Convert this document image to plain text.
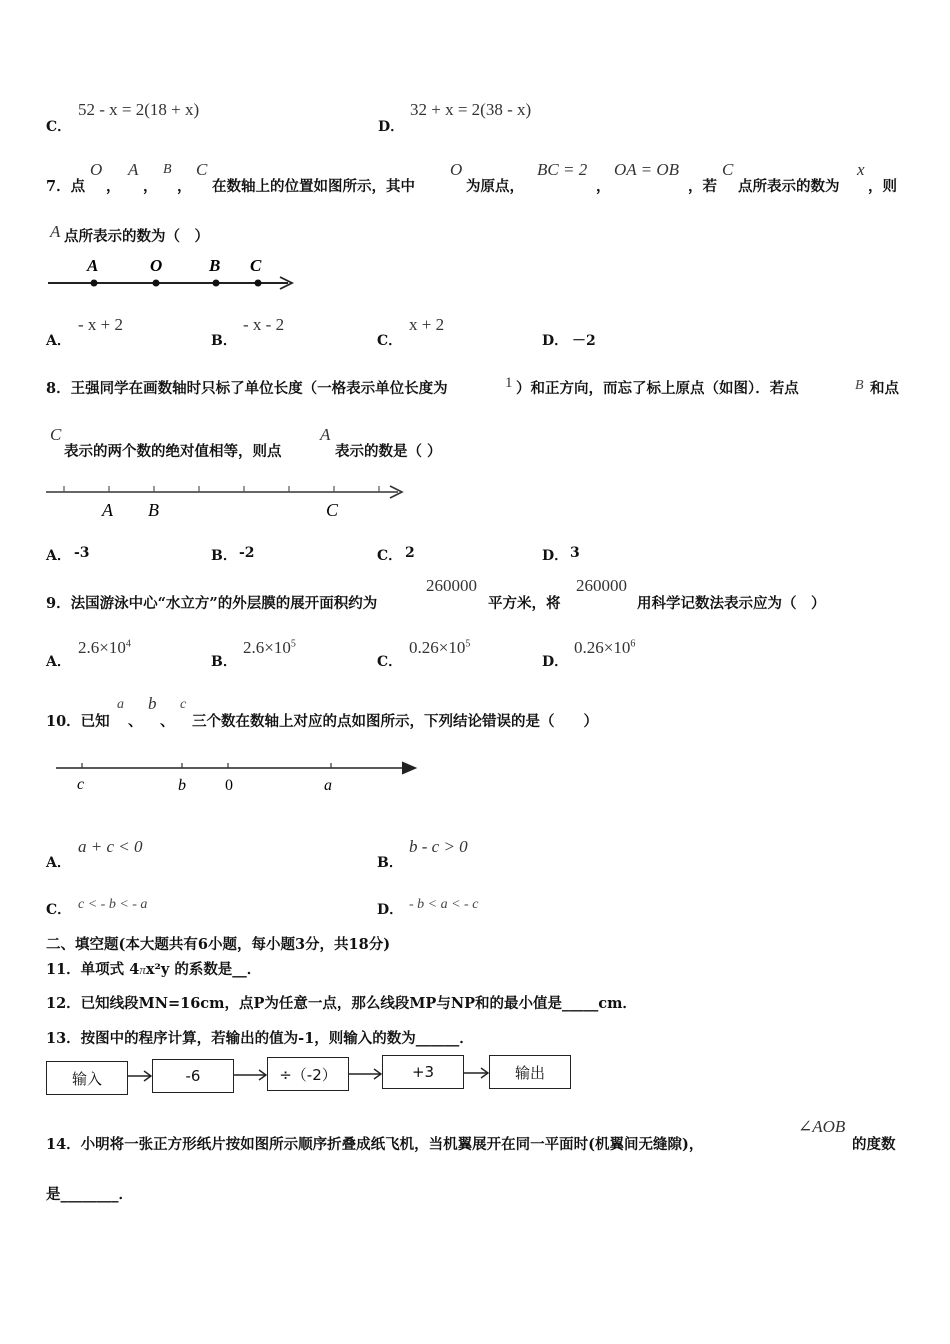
C．
52 - x = 2(18 + x)
D．
32 + x = 2(38 - x)
7．点
O
，
A
，
B
，
C
在数轴上的位置如图所示，其中
O
为原点，
BC = 2
，
OA = OB
，若
C
点所表示的数为
x
，则
A 点所表示的数为（　）
A	O	B C
A．
- x + 2
B．
- x - 2
C．
x + 2
D． －2
8．王强同学在画数轴时只标了单位长度（一格表示单位长度为	1 ）和正方向，而忘了标上原点（如图）．若点	B 和点
C
表示的两个数的绝对值相等，则点
A
表示的数是（ ）
A B	C
A． -3	B． -2	C． 2	D． 3
9．法国游泳中心“水立方”的外层膜的展开面积约为
260000
平方米，将
260000
用科学记数法表示应为（　）
A．
$2.6\times 10^4$
B．
$2.6\times 10^5$
C．
$0.26\times 10^5$
D．
$0.26\times 10^6$
10．已知
a
、
b
、
c
三个数在数轴上对应的点如图所示，下列结论错误的是（　　）
c	b 0	a
A．
a + c < 0
B．
b - c > 0
C． c < - b < - a	D． - b < a < - c
二、填空题(本大题共有6小题，每小题3分，共18分)
11．单项式 4πx²y 的系数是__．
12．已知线段MN=16cm，点P为任意一点，那么线段MP与NP和的最小值是_____cm．
13．按图中的程序计算，若输出的值为-1，则输入的数为______．
输入	-6	÷（-2）	+3	输出
14．小明将一张正方形纸片按如图所示顺序折叠成纸飞机，当机翼展开在同一平面时(机翼间无缝隙)，
∠AOB
的度数
是________．
